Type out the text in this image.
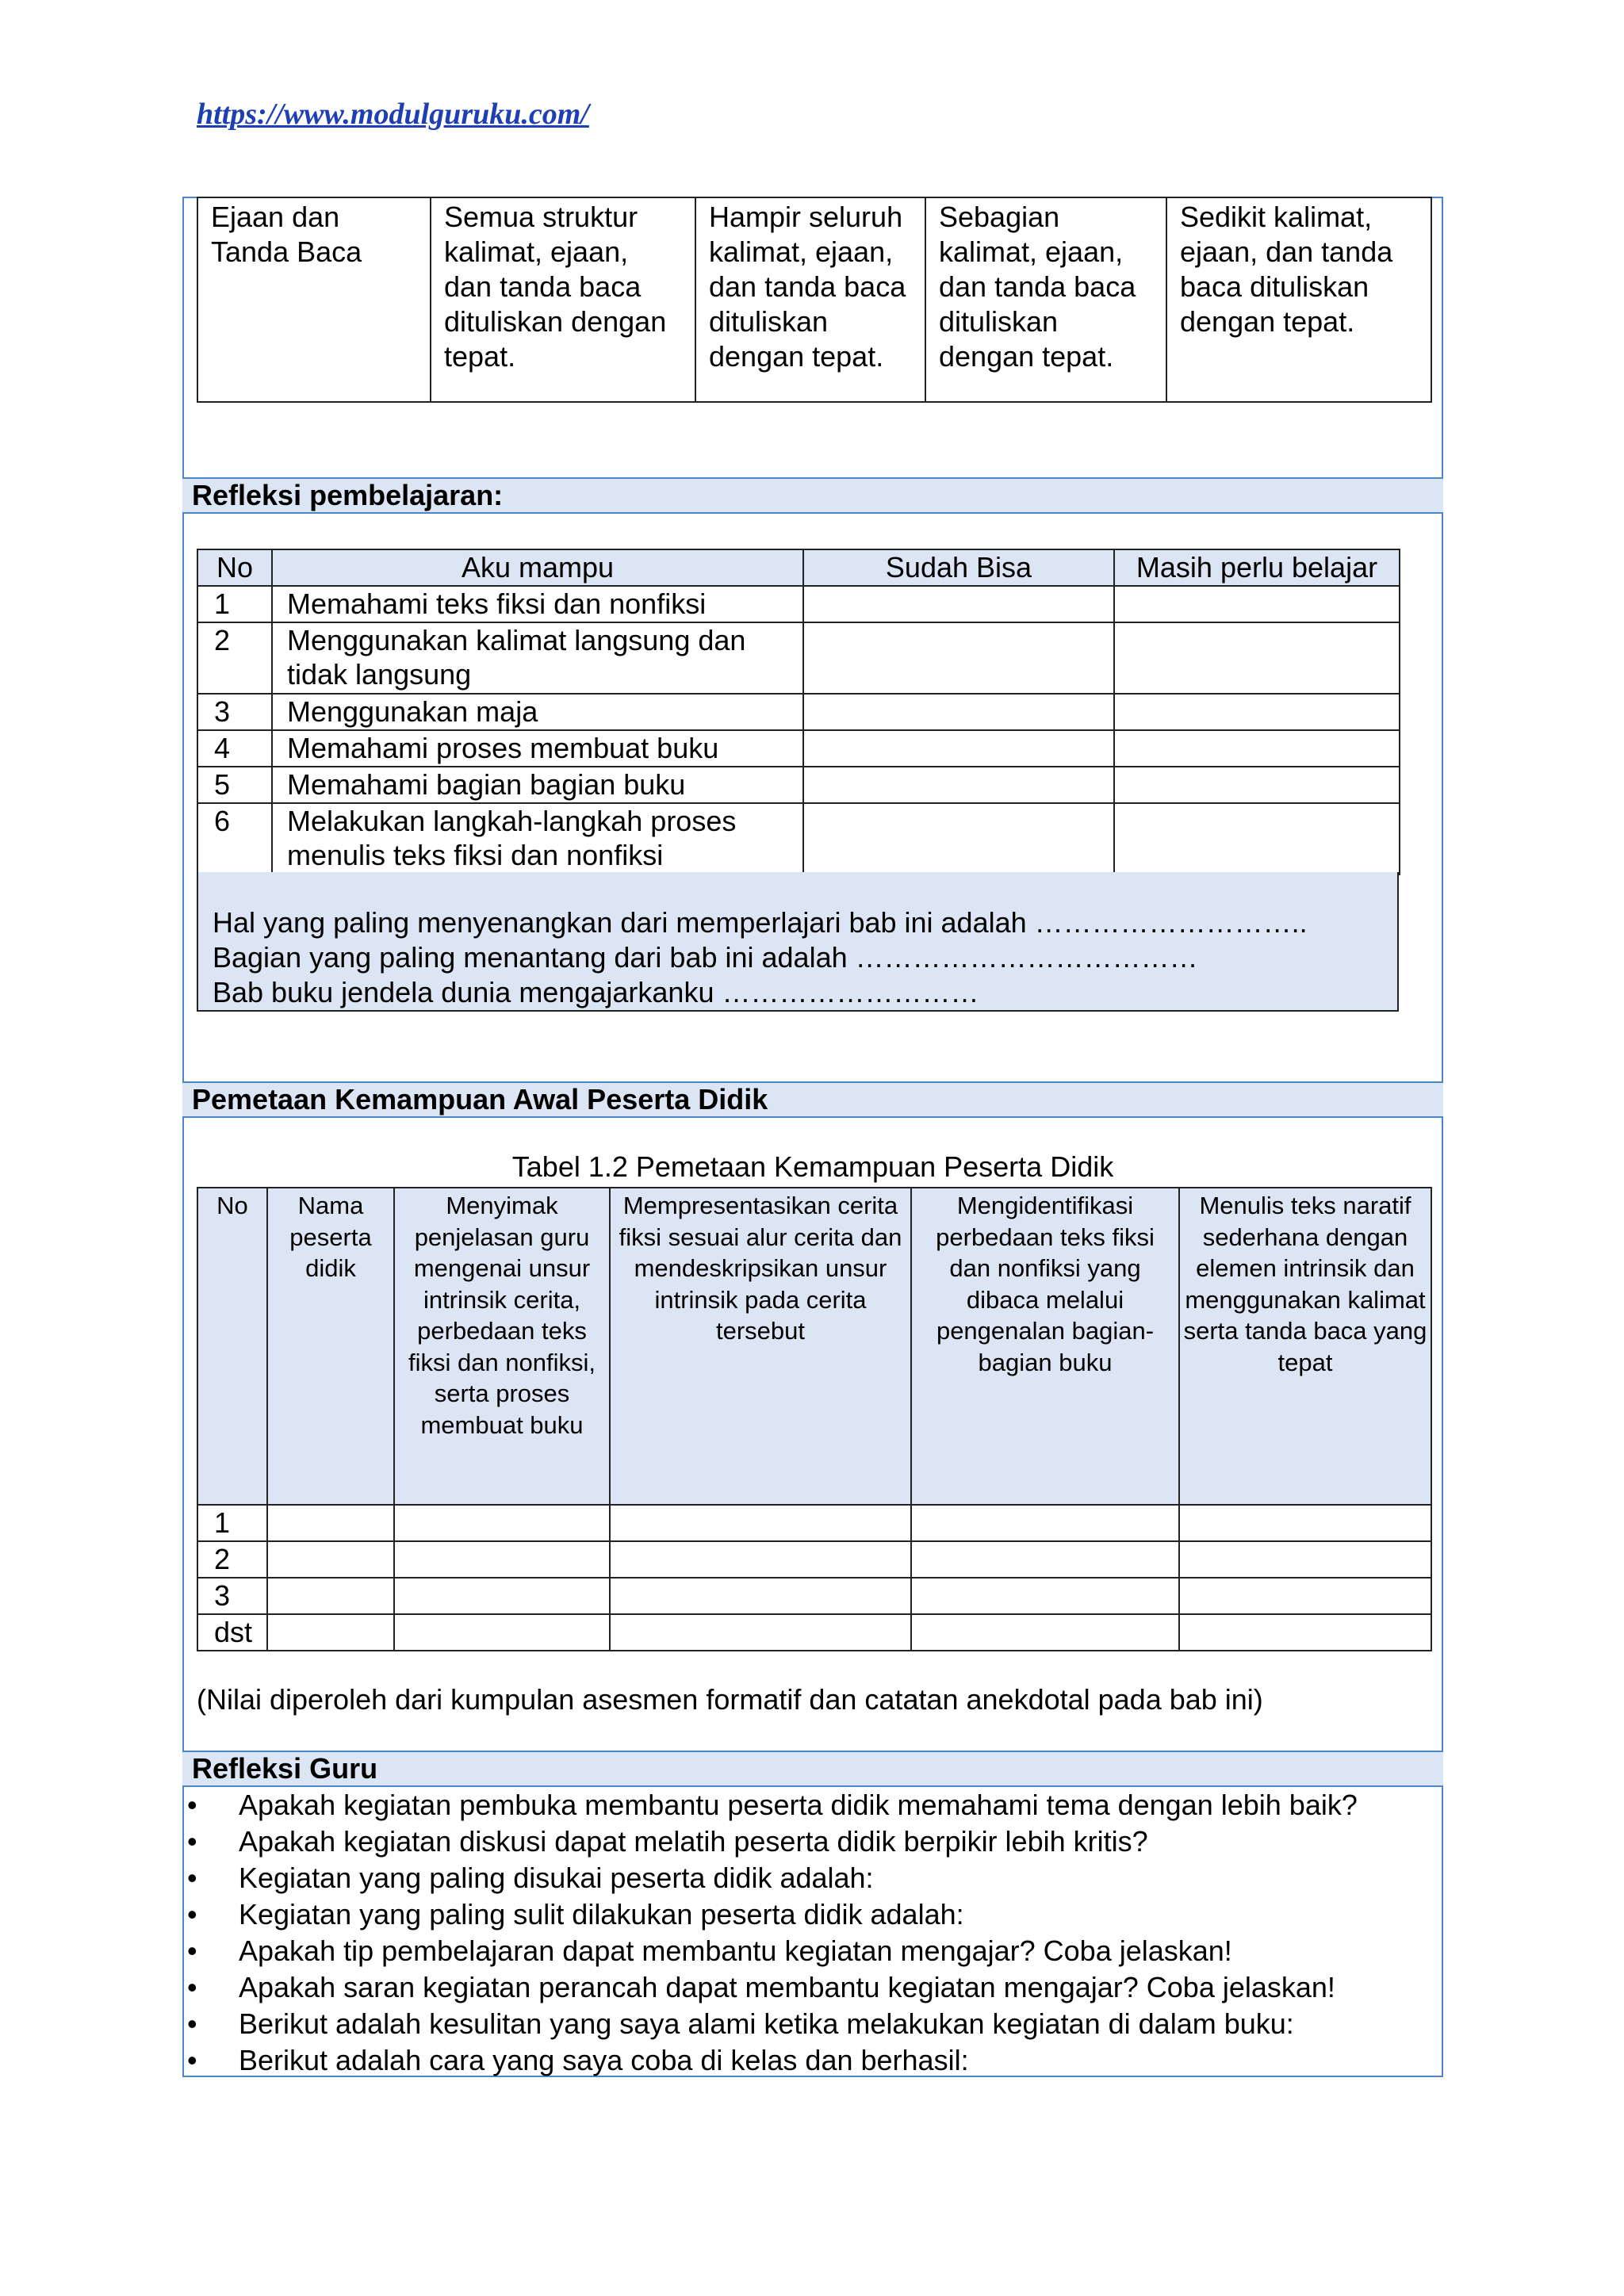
https://www.modulguruku.com/
Ejaan dan Tanda Baca	Semua struktur kalimat, ejaan, dan tanda baca dituliskan dengan tepat.	Hampir seluruh kalimat, ejaan, dan tanda baca dituliskan dengan tepat.	Sebagian kalimat, ejaan, dan tanda baca dituliskan dengan tepat.	Sedikit kalimat, ejaan, dan tanda baca dituliskan dengan tepat.
Refleksi pembelajaran:
No	Aku mampu	Sudah Bisa	Masih perlu belajar
1	Memahami teks fiksi dan nonfiksi		
2	Menggunakan kalimat langsung dan tidak langsung		
3	Menggunakan maja		
4	Memahami proses membuat buku		
5	Memahami bagian bagian buku		
6	Melakukan langkah-langkah proses menulis teks fiksi dan nonfiksi		
Hal yang paling menyenangkan dari memperlajari bab ini adalah ………………………..
Bagian yang paling menantang dari bab ini adalah ………………………………
Bab buku jendela dunia mengajarkanku ………………………
Pemetaan Kemampuan Awal Peserta Didik
Tabel 1.2 Pemetaan Kemampuan Peserta Didik
No	Nama peserta didik	Menyimak penjelasan guru mengenai unsur intrinsik cerita, perbedaan teks fiksi dan nonfiksi, serta proses membuat buku	Mempresentasikan cerita fiksi sesuai alur cerita dan mendeskripsikan unsur intrinsik pada cerita tersebut	Mengidentifikasi perbedaan teks fiksi dan nonfiksi yang dibaca melalui pengenalan bagian-bagian buku	Menulis teks naratif sederhana dengan elemen intrinsik dan menggunakan kalimat serta tanda baca yang tepat
1					
2					
3					
dst					
(Nilai diperoleh dari kumpulan asesmen formatif dan catatan anekdotal pada bab ini)
Refleksi Guru
• Apakah kegiatan pembuka membantu peserta didik memahami tema dengan lebih baik?
• Apakah kegiatan diskusi dapat melatih peserta didik berpikir lebih kritis?
• Kegiatan yang paling disukai peserta didik adalah:
• Kegiatan yang paling sulit dilakukan peserta didik adalah:
• Apakah tip pembelajaran dapat membantu kegiatan mengajar? Coba jelaskan!
• Apakah saran kegiatan perancah dapat membantu kegiatan mengajar? Coba jelaskan!
• Berikut adalah kesulitan yang saya alami ketika melakukan kegiatan di dalam buku:
• Berikut adalah cara yang saya coba di kelas dan berhasil:
